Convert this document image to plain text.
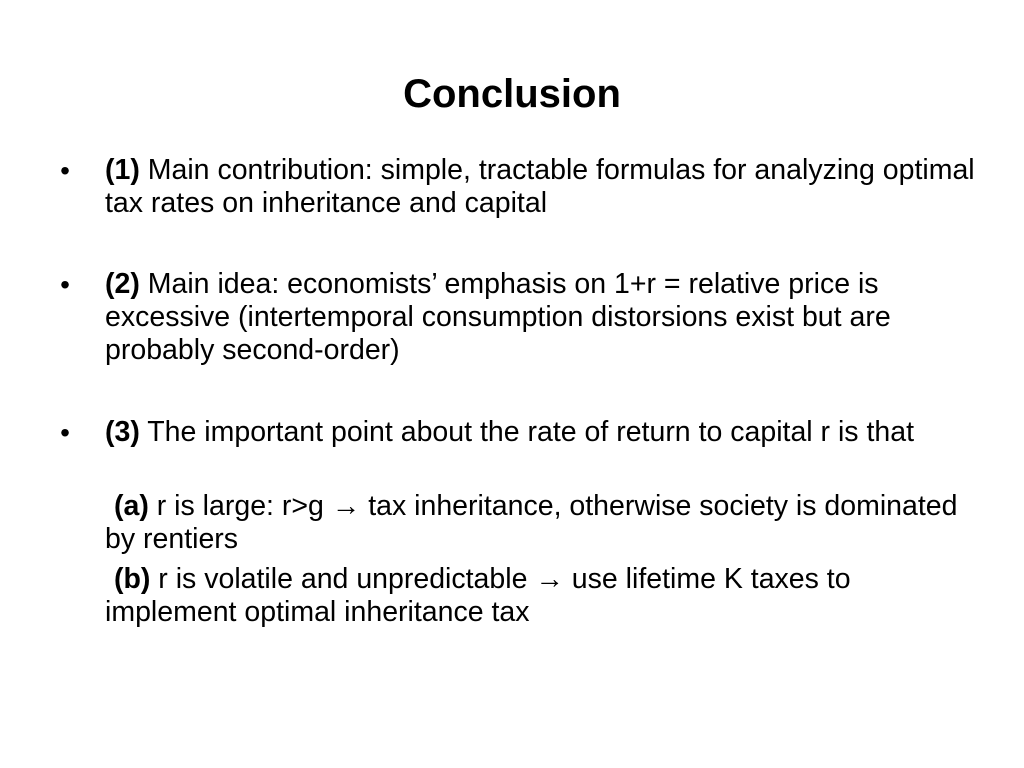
Conclusion
• (1) Main contribution: simple, tractable formulas for analyzing optimal tax rates on inheritance and capital
• (2) Main idea: economists’ emphasis on 1+r = relative price is excessive (intertemporal consumption distorsions exist but are probably second-order)
• (3) The important point about the rate of return to capital r is that
(a) r is large: r>g → tax inheritance, otherwise society is dominated by rentiers
(b) r is volatile and unpredictable → use lifetime K taxes to implement optimal inheritance tax
